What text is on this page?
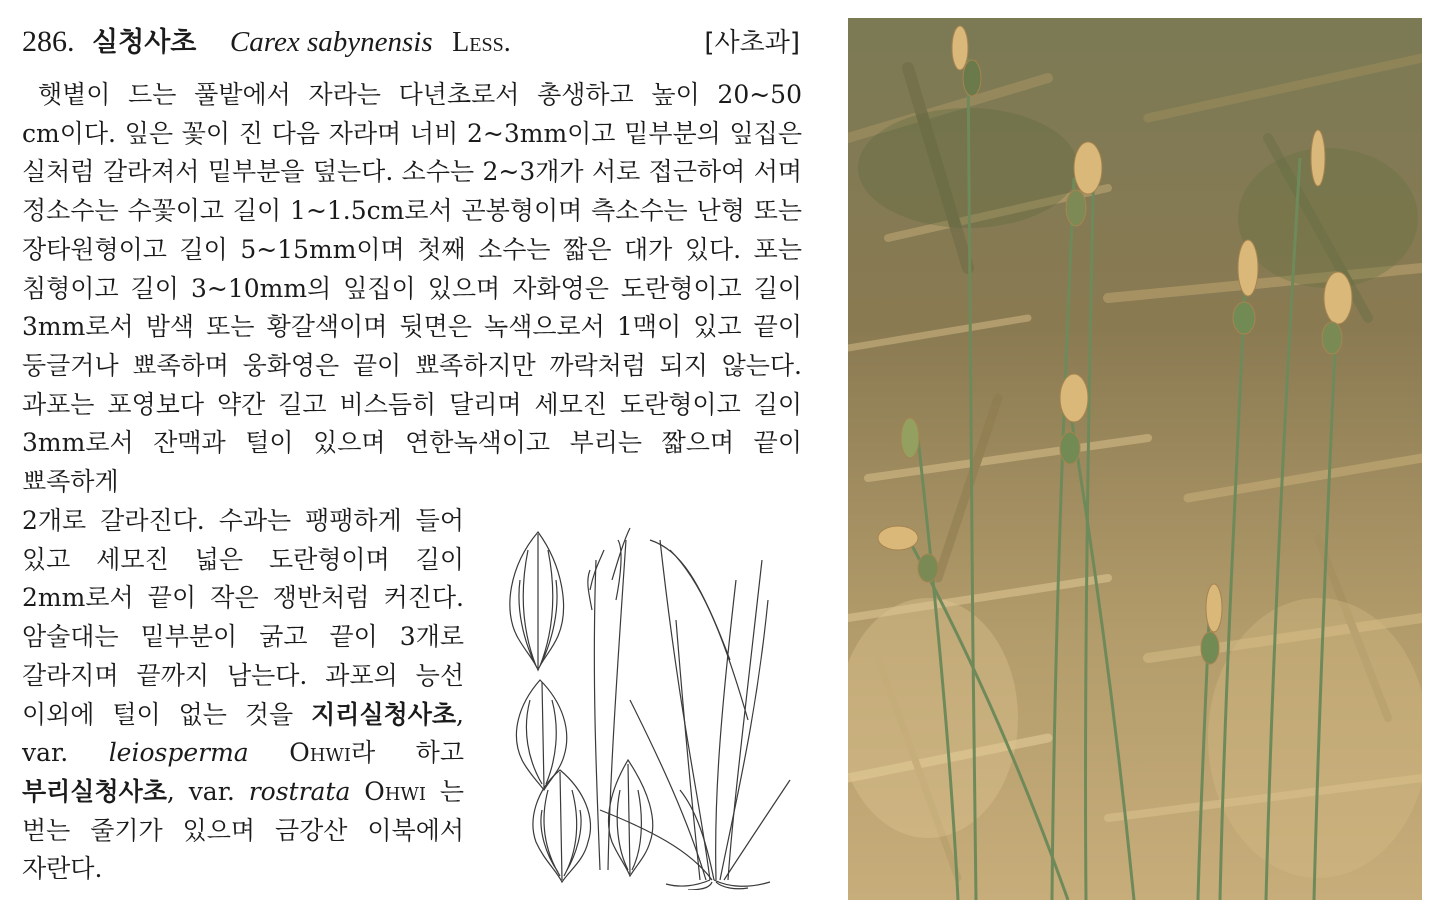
286. 실청사초 Carex sabynensis Less.	[사초과]
햇볕이 드는 풀밭에서 자라는 다년초로서 총생하고 높이 20~50 cm이다. 잎은 꽃이 진 다음 자라며 너비 2~3mm이고 밑부분의 잎집은 실처럼 갈라져서 밑부분을 덮는다. 소수는 2~3개가 서로 접근하여 서며 정소수는 수꽃이고 길이 1~1.5cm로서 곤봉형이며 측소수는 난형 또는 장타원형이고 길이 5~15mm이며 첫째 소수는 짧은 대가 있다. 포는 침형이고 길이 3~10mm의 잎집이 있으며 자화영은 도란형이고 길이 3mm로서 밤색 또는 황갈색이며 뒷면은 녹색으로서 1맥이 있고 끝이 둥글거나 뾰족하며 웅화영은 끝이 뾰족하지만 까락처럼 되지 않는다. 과포는 포영보다 약간 길고 비스듬히 달리며 세모진 도란형이고 길이 3mm로서 잔맥과 털이 있으며 연한녹색이고 부리는 짧으며 끝이 뾰족하게
2개로 갈라진다. 수과는 팽팽하게 들어 있고 세모진 넓은 도란형이며 길이 2mm로서 끝이 작은 쟁반처럼 커진다. 암술대는 밑부분이 굵고 끝이 3개로 갈라지며 끝까지 남는다. 과포의 능선 이외에 털이 없는 것을 지리실청사초, var. leiosperma Ohwi라 하고 부리실청사초, var. rostrata Ohwi 는 벋는 줄기가 있으며 금강산 이북에서 자란다.
